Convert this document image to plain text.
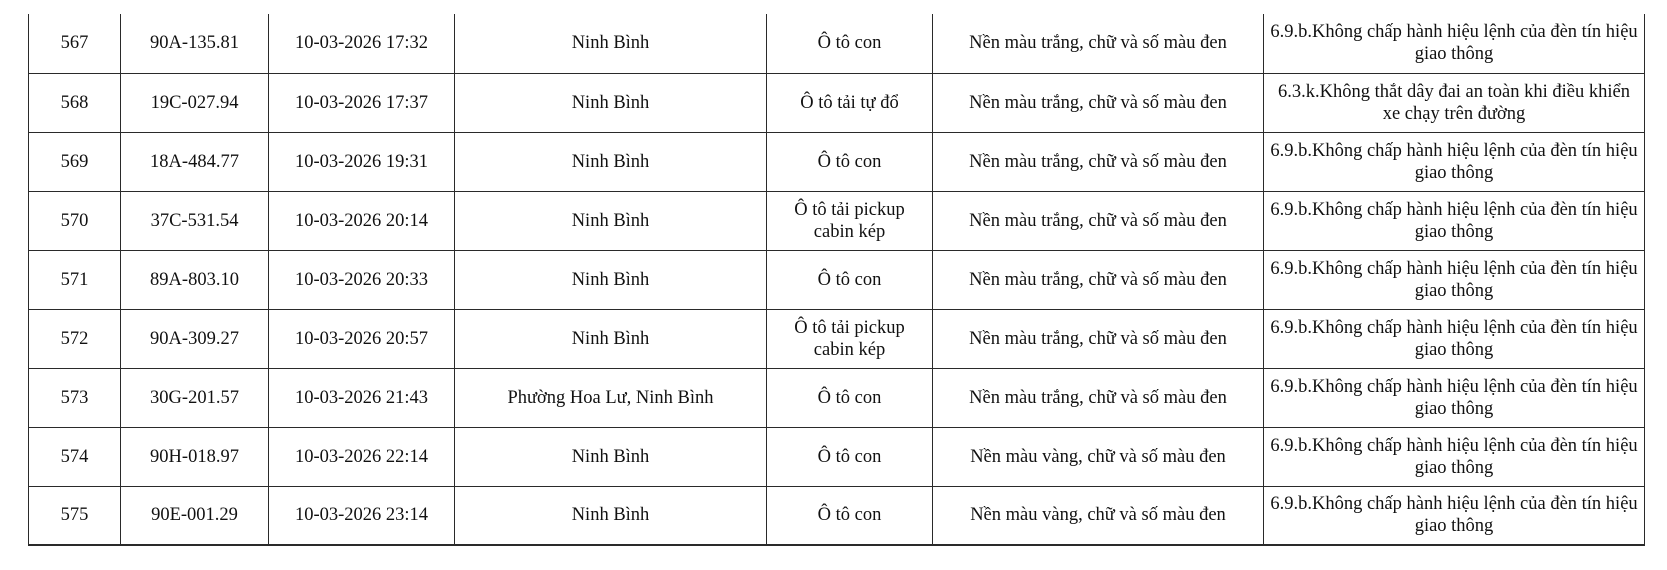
567	90A-135.81	10-03-2026 17:32	Ninh Bình	Ô tô con	Nền màu trắng, chữ và số màu đen	6.9.b.Không chấp hành hiệu lệnh của đèn tín hiệu giao thông
568	19C-027.94	10-03-2026 17:37	Ninh Bình	Ô tô tải tự đổ	Nền màu trắng, chữ và số màu đen	6.3.k.Không thắt dây đai an toàn khi điều khiển xe chạy trên đường
569	18A-484.77	10-03-2026 19:31	Ninh Bình	Ô tô con	Nền màu trắng, chữ và số màu đen	6.9.b.Không chấp hành hiệu lệnh của đèn tín hiệu giao thông
570	37C-531.54	10-03-2026 20:14	Ninh Bình	Ô tô tải pickup cabin kép	Nền màu trắng, chữ và số màu đen	6.9.b.Không chấp hành hiệu lệnh của đèn tín hiệu giao thông
571	89A-803.10	10-03-2026 20:33	Ninh Bình	Ô tô con	Nền màu trắng, chữ và số màu đen	6.9.b.Không chấp hành hiệu lệnh của đèn tín hiệu giao thông
572	90A-309.27	10-03-2026 20:57	Ninh Bình	Ô tô tải pickup cabin kép	Nền màu trắng, chữ và số màu đen	6.9.b.Không chấp hành hiệu lệnh của đèn tín hiệu giao thông
573	30G-201.57	10-03-2026 21:43	Phường Hoa Lư, Ninh Bình	Ô tô con	Nền màu trắng, chữ và số màu đen	6.9.b.Không chấp hành hiệu lệnh của đèn tín hiệu giao thông
574	90H-018.97	10-03-2026 22:14	Ninh Bình	Ô tô con	Nền màu vàng, chữ và số màu đen	6.9.b.Không chấp hành hiệu lệnh của đèn tín hiệu giao thông
575	90E-001.29	10-03-2026 23:14	Ninh Bình	Ô tô con	Nền màu vàng, chữ và số màu đen	6.9.b.Không chấp hành hiệu lệnh của đèn tín hiệu giao thông
